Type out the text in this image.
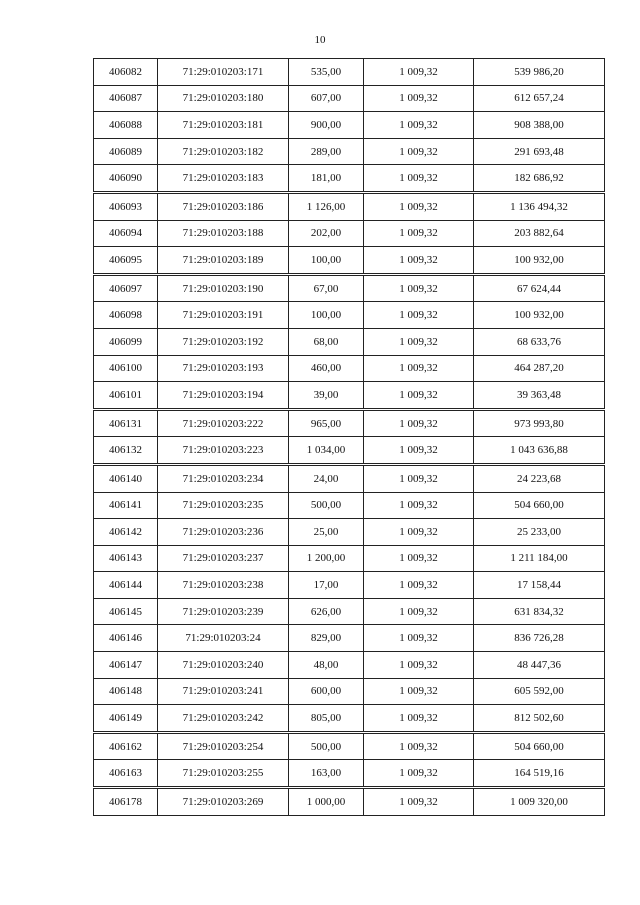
10
406082	71:29:010203:171	535,00	1 009,32	539 986,20
406087	71:29:010203:180	607,00	1 009,32	612 657,24
406088	71:29:010203:181	900,00	1 009,32	908 388,00
406089	71:29:010203:182	289,00	1 009,32	291 693,48
406090	71:29:010203:183	181,00	1 009,32	182 686,92
406093	71:29:010203:186	1 126,00	1 009,32	1 136 494,32
406094	71:29:010203:188	202,00	1 009,32	203 882,64
406095	71:29:010203:189	100,00	1 009,32	100 932,00
406097	71:29:010203:190	67,00	1 009,32	67 624,44
406098	71:29:010203:191	100,00	1 009,32	100 932,00
406099	71:29:010203:192	68,00	1 009,32	68 633,76
406100	71:29:010203:193	460,00	1 009,32	464 287,20
406101	71:29:010203:194	39,00	1 009,32	39 363,48
406131	71:29:010203:222	965,00	1 009,32	973 993,80
406132	71:29:010203:223	1 034,00	1 009,32	1 043 636,88
406140	71:29:010203:234	24,00	1 009,32	24 223,68
406141	71:29:010203:235	500,00	1 009,32	504 660,00
406142	71:29:010203:236	25,00	1 009,32	25 233,00
406143	71:29:010203:237	1 200,00	1 009,32	1 211 184,00
406144	71:29:010203:238	17,00	1 009,32	17 158,44
406145	71:29:010203:239	626,00	1 009,32	631 834,32
406146	71:29:010203:24	829,00	1 009,32	836 726,28
406147	71:29:010203:240	48,00	1 009,32	48 447,36
406148	71:29:010203:241	600,00	1 009,32	605 592,00
406149	71:29:010203:242	805,00	1 009,32	812 502,60
406162	71:29:010203:254	500,00	1 009,32	504 660,00
406163	71:29:010203:255	163,00	1 009,32	164 519,16
406178	71:29:010203:269	1 000,00	1 009,32	1 009 320,00
